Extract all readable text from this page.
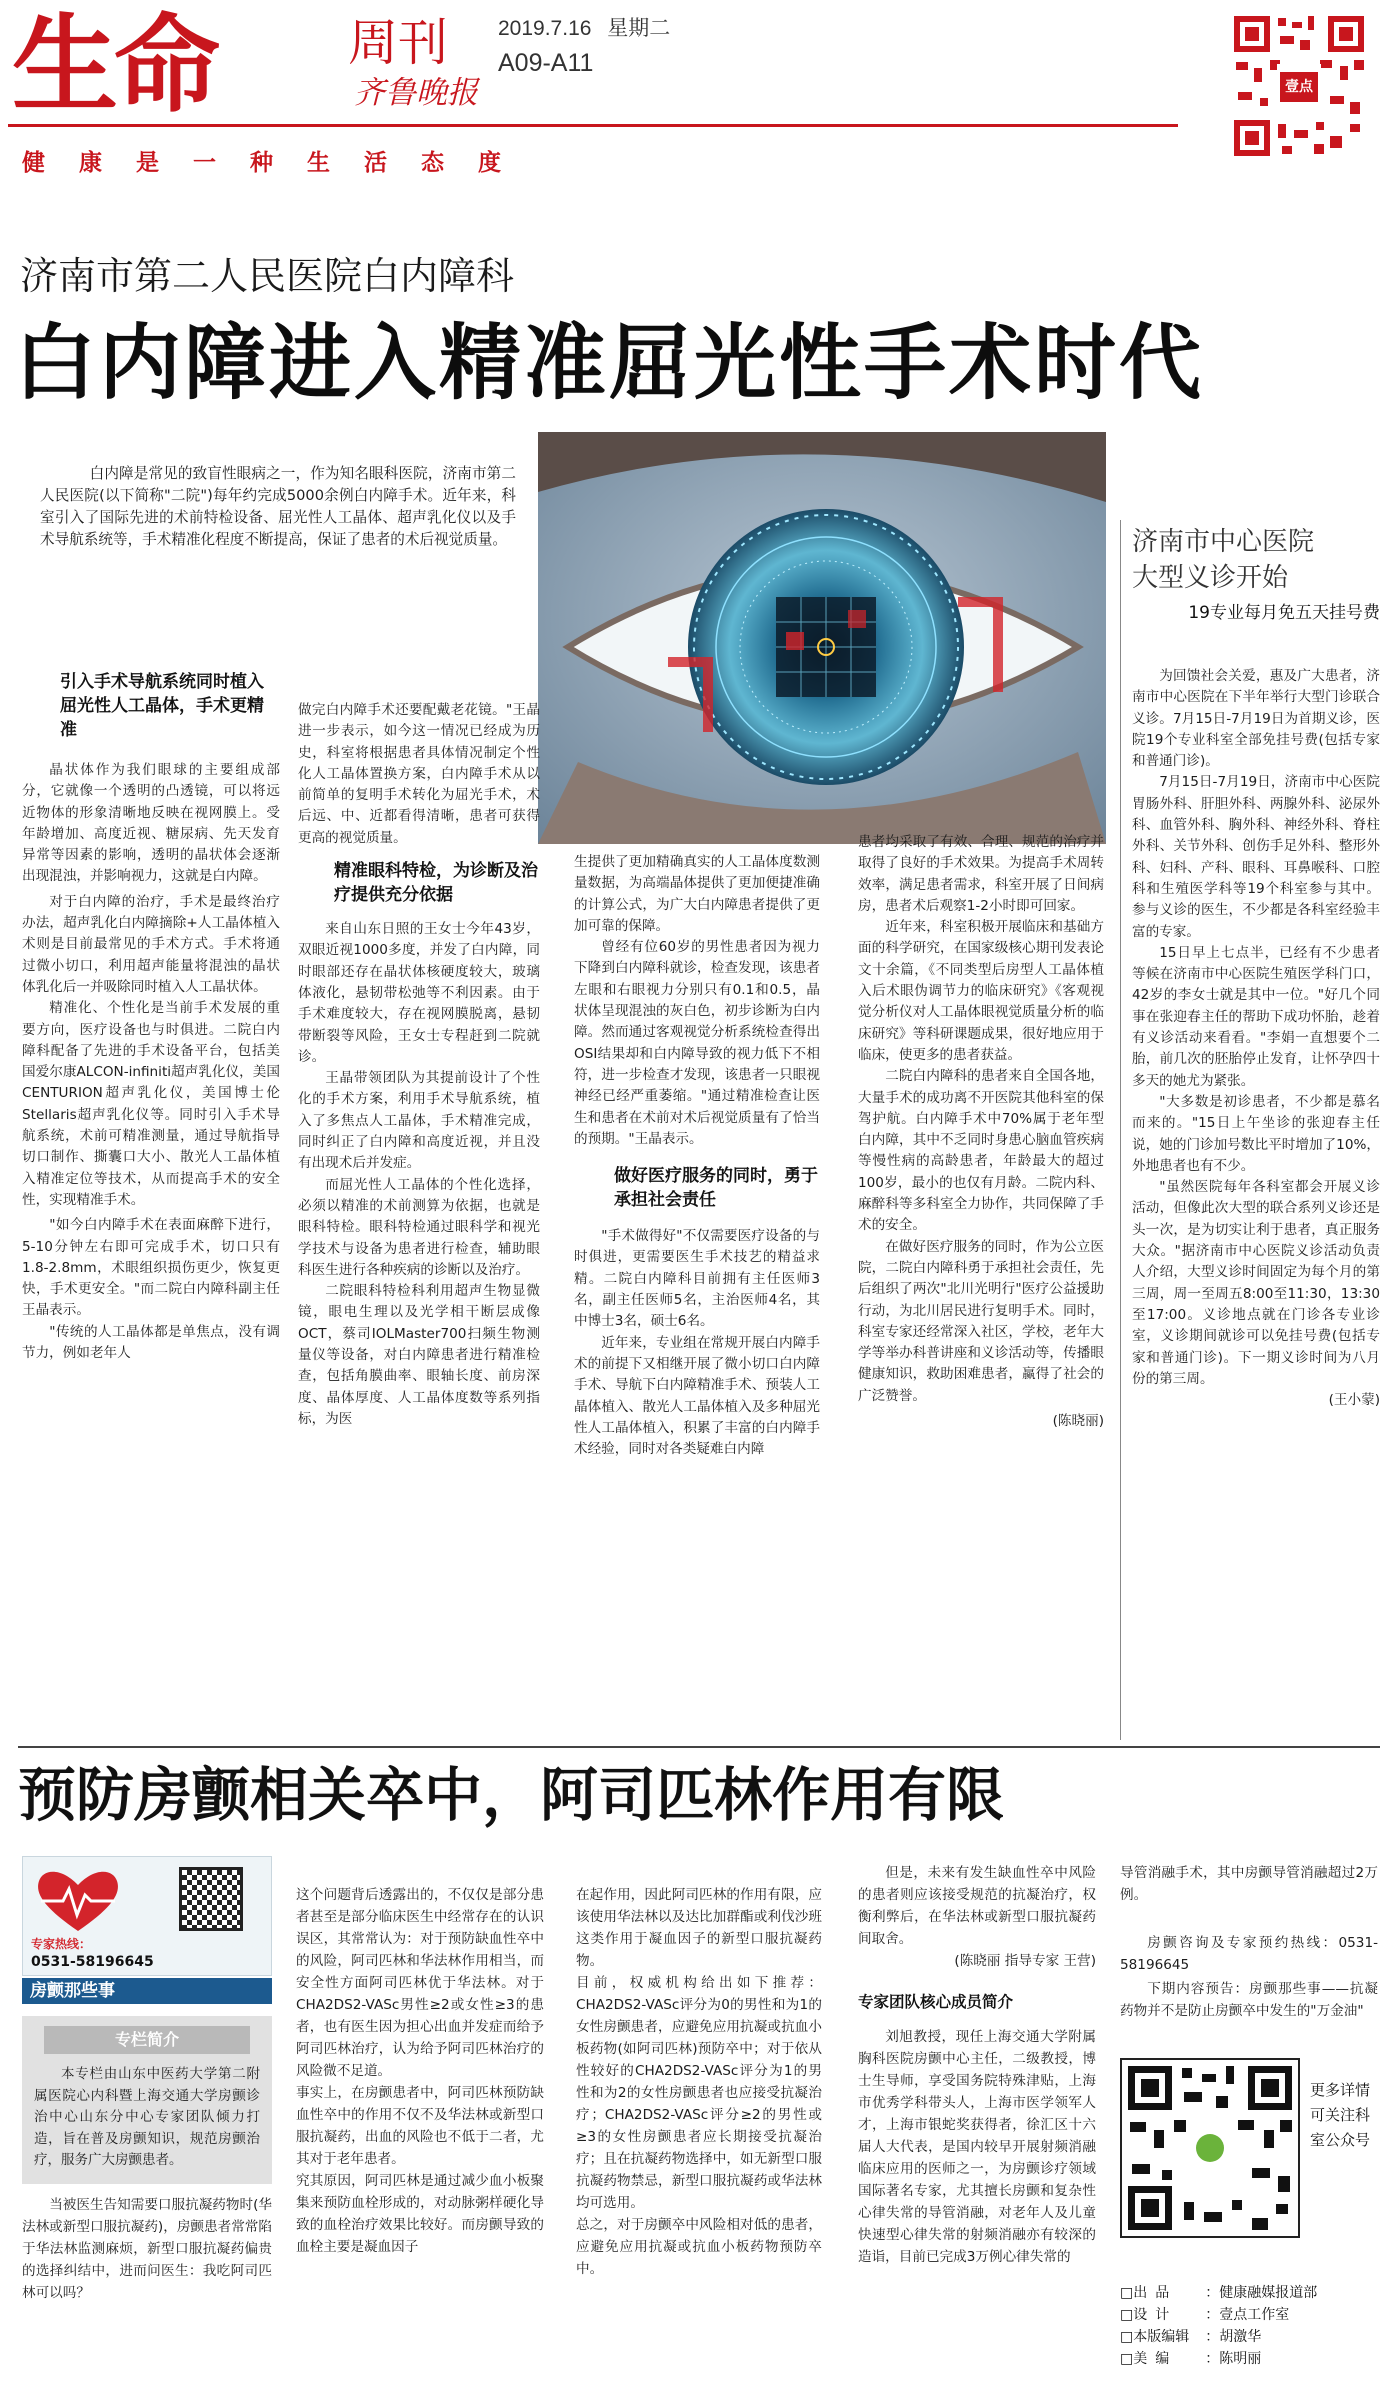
生命	周刊
齐鲁晚报
2019.7.16 星期二
A09-A11
健康是一种生活态度
壹点
济南市第二人民医院白内障科
白内障进入精准屈光性手术时代

白内障是常见的致盲性眼病之一，作为知名眼科医院，济南市第二人民医院(以下简称"二院")每年约完成5000余例白内障手术。近年来，科室引入了国际先进的术前特检设备、屈光性人工晶体、超声乳化仪以及手术导航系统等，手术精准化程度不断提高，保证了患者的术后视觉质量。

引入手术导航系统同时植入屈光性人工晶体，手术更精准

晶状体作为我们眼球的主要组成部分，它就像一个透明的凸透镜，可以将远近物体的形象清晰地反映在视网膜上。受年龄增加、高度近视、糖尿病、先天发育异常等因素的影响，透明的晶状体会逐渐出现混浊，并影响视力，这就是白内障。

对于白内障的治疗，手术是最终治疗办法，超声乳化白内障摘除+人工晶体植入术则是目前最常见的手术方式。手术将通过微小切口，利用超声能量将混浊的晶状体乳化后一并吸除同时植入人工晶状体。

精准化、个性化是当前手术发展的重要方向，医疗设备也与时俱进。二院白内障科配备了先进的手术设备平台，包括美国爱尔康ALCON-infiniti超声乳化仪，美国CENTURION超声乳化仪，美国博士伦Stellaris超声乳化仪等。同时引入手术导航系统，术前可精准测量，通过导航指导切口制作、撕囊口大小、散光人工晶体植入精准定位等技术，从而提高手术的安全性，实现精准手术。

"如今白内障手术在表面麻醉下进行，5-10分钟左右即可完成手术，切口只有1.8-2.8mm，术眼组织损伤更少，恢复更快，手术更安全。"而二院白内障科副主任王晶表示。

"传统的人工晶体都是单焦点，没有调节力，例如老年人

做完白内障手术还要配戴老花镜。"王晶进一步表示，如今这一情况已经成为历史，科室将根据患者具体情况制定个性化人工晶体置换方案，白内障手术从以前简单的复明手术转化为屈光手术，术后远、中、近都看得清晰，患者可获得更高的视觉质量。

精准眼科特检，为诊断及治疗提供充分依据

来自山东日照的王女士今年43岁，双眼近视1000多度，并发了白内障，同时眼部还存在晶状体核硬度较大，玻璃体液化，悬韧带松弛等不利因素。由于手术难度较大，存在视网膜脱离，悬韧带断裂等风险，王女士专程赶到二院就诊。

王晶带领团队为其提前设计了个性化的手术方案，利用手术导航系统，植入了多焦点人工晶体，手术精准完成，同时纠正了白内障和高度近视，并且没有出现术后并发症。

而屈光性人工晶体的个性化选择，必须以精准的术前测算为依据，也就是眼科特检。眼科特检通过眼科学和视光学技术与设备为患者进行检查，辅助眼科医生进行各种疾病的诊断以及治疗。

二院眼科特检科利用超声生物显微镜，眼电生理以及光学相干断层成像OCT，蔡司IOLMaster700扫频生物测量仪等设备，对白内障患者进行精准检查，包括角膜曲率、眼轴长度、前房深度、晶体厚度、人工晶体度数等系列指标，为医

生提供了更加精确真实的人工晶体度数测量数据，为高端晶体提供了更加便捷准确的计算公式，为广大白内障患者提供了更加可靠的保障。

曾经有位60岁的男性患者因为视力下降到白内障科就诊，检查发现，该患者左眼和右眼视力分别只有0.1和0.5，晶状体呈现混浊的灰白色，初步诊断为白内障。然而通过客观视觉分析系统检查得出OSI结果却和白内障导致的视力低下不相符，进一步检查才发现，该患者一只眼视神经已经严重萎缩。"通过精准检查让医生和患者在术前对术后视觉质量有了恰当的预期。"王晶表示。

做好医疗服务的同时，勇于承担社会责任

"手术做得好"不仅需要医疗设备的与时俱进，更需要医生手术技艺的精益求精。二院白内障科目前拥有主任医师3名，副主任医师5名，主治医师4名，其中博士3名，硕士6名。

近年来，专业组在常规开展白内障手术的前提下又相继开展了微小切口白内障手术、导航下白内障精准手术、预装人工晶体植入、散光人工晶体植入及多种屈光性人工晶体植入，积累了丰富的白内障手术经验，同时对各类疑难白内障

患者均采取了有效、合理、规范的治疗并取得了良好的手术效果。为提高手术周转效率，满足患者需求，科室开展了日间病房，患者术后观察1-2小时即可回家。

近年来，科室积极开展临床和基础方面的科学研究，在国家级核心期刊发表论文十余篇，《不同类型后房型人工晶体植入后术眼伪调节力的临床研究》《客观视觉分析仪对人工晶体眼视觉质量分析的临床研究》等科研课题成果，很好地应用于临床，使更多的患者获益。

二院白内障科的患者来自全国各地，大量手术的成功离不开医院其他科室的保驾护航。白内障手术中70%属于老年型白内障，其中不乏同时身患心脑血管疾病等慢性病的高龄患者，年龄最大的超过100岁，最小的也仅有月龄。二院内科、麻醉科等多科室全力协作，共同保障了手术的安全。

在做好医疗服务的同时，作为公立医院，二院白内障科勇于承担社会责任，先后组织了两次"北川光明行"医疗公益援助行动，为北川居民进行复明手术。同时，科室专家还经常深入社区，学校，老年大学等举办科普讲座和义诊活动等，传播眼健康知识，救助困难患者，赢得了社会的广泛赞誉。

(陈晓丽)
济南市中心医院
大型义诊开始
19专业每月免五天挂号费

为回馈社会关爱，惠及广大患者，济南市中心医院在下半年举行大型门诊联合义诊。7月15日-7月19日为首期义诊，医院19个专业科室全部免挂号费(包括专家和普通门诊)。

7月15日-7月19日，济南市中心医院胃肠外科、肝胆外科、两腺外科、泌尿外科、血管外科、胸外科、神经外科、脊柱外科、关节外科、创伤手足外科、整形外科、妇科、产科、眼科、耳鼻喉科、口腔科和生殖医学科等19个科室参与其中。参与义诊的医生，不少都是各科室经验丰富的专家。

15日早上七点半，已经有不少患者等候在济南市中心医院生殖医学科门口，42岁的李女士就是其中一位。"好几个同事在张迎春主任的帮助下成功怀胎，趁着有义诊活动来看看。"李娟一直想要个二胎，前几次的胚胎停止发育，让怀孕四十多天的她尤为紧张。

"大多数是初诊患者，不少都是慕名而来的。"15日上午坐诊的张迎春主任说，她的门诊加号数比平时增加了10%，外地患者也有不少。

"虽然医院每年各科室都会开展义诊活动，但像此次大型的联合系列义诊还是头一次，是为切实让利于患者，真正服务大众。"据济南市中心医院义诊活动负责人介绍，大型义诊时间固定为每个月的第三周，周一至周五8:00至11:30，13:30至17:00。义诊地点就在门诊各专业诊室，义诊期间就诊可以免挂号费(包括专家和普通门诊)。下一期义诊时间为八月份的第三周。

(王小蒙)
预防房颤相关卒中，阿司匹林作用有限
专家热线：
0531-58196645
房颤那些事
专栏简介

本专栏由山东中医药大学第二附属医院心内科暨上海交通大学房颤诊治中心山东分中心专家团队倾力打造，旨在普及房颤知识，规范房颤治疗，服务广大房颤患者。

当被医生告知需要口服抗凝药物时(华法林或新型口服抗凝药)，房颤患者常常陷于华法林监测麻烦，新型口服抗凝药偏贵的选择纠结中，进而问医生：我吃阿司匹林可以吗？

这个问题背后透露出的，不仅仅是部分患者甚至是部分临床医生中经常存在的认识误区，其常常认为：对于预防缺血性卒中的风险，阿司匹林和华法林作用相当，而安全性方面阿司匹林优于华法林。对于CHA2DS2-VASc男性≥2或女性≥3的患者，也有医生因为担心出血并发症而给予阿司匹林治疗，认为给予阿司匹林治疗的风险微不足道。
事实上，在房颤患者中，阿司匹林预防缺血性卒中的作用不仅不及华法林或新型口服抗凝药，出血的风险也不低于二者，尤其对于老年患者。
究其原因，阿司匹林是通过减少血小板聚集来预防血栓形成的，对动脉粥样硬化导致的血栓治疗效果比较好。而房颤导致的血栓主要是凝血因子

在起作用，因此阿司匹林的作用有限，应该使用华法林以及达比加群酯或利伐沙班这类作用于凝血因子的新型口服抗凝药物。
目前，权威机构给出如下推荐：CHA2DS2-VASc评分为0的男性和为1的女性房颤患者，应避免应用抗凝或抗血小板药物(如阿司匹林)预防卒中；对于依从性较好的CHA2DS2-VASc评分为1的男性和为2的女性房颤患者也应接受抗凝治疗；CHA2DS2-VASc评分≥2的男性或≥3的女性房颤患者应长期接受抗凝治疗；且在抗凝药物选择中，如无新型口服抗凝药物禁忌，新型口服抗凝药或华法林均可选用。
总之，对于房颤卒中风险相对低的患者，应避免应用抗凝或抗血小板药物预防卒中。

但是，未来有发生缺血性卒中风险的患者则应该接受规范的抗凝治疗，权衡利弊后，在华法林或新型口服抗凝药间取舍。

(陈晓丽 指导专家 王营)
专家团队核心成员简介

刘旭教授，现任上海交通大学附属胸科医院房颤中心主任，二级教授，博士生导师，享受国务院特殊津贴，上海市优秀学科带头人，上海市医学领军人才，上海市银蛇奖获得者，徐汇区十六届人大代表，是国内较早开展射频消融临床应用的医师之一，为房颤诊疗领域国际著名专家，尤其擅长房颤和复杂性心律失常的导管消融，对老年人及儿童快速型心律失常的射频消融亦有较深的造诣，目前已完成3万例心律失常的

导管消融手术，其中房颤导管消融超过2万例。
房颤咨询及专家预约热线：0531-58196645
下期内容预告：房颤那些事——抗凝药物并不是防止房颤卒中发生的"万金油"
更多详情可关注科室公众号
□出品 ：健康融媒报道部
□设计 ：壹点工作室
□本版编辑 ：胡激华
□美编 ：陈明丽
